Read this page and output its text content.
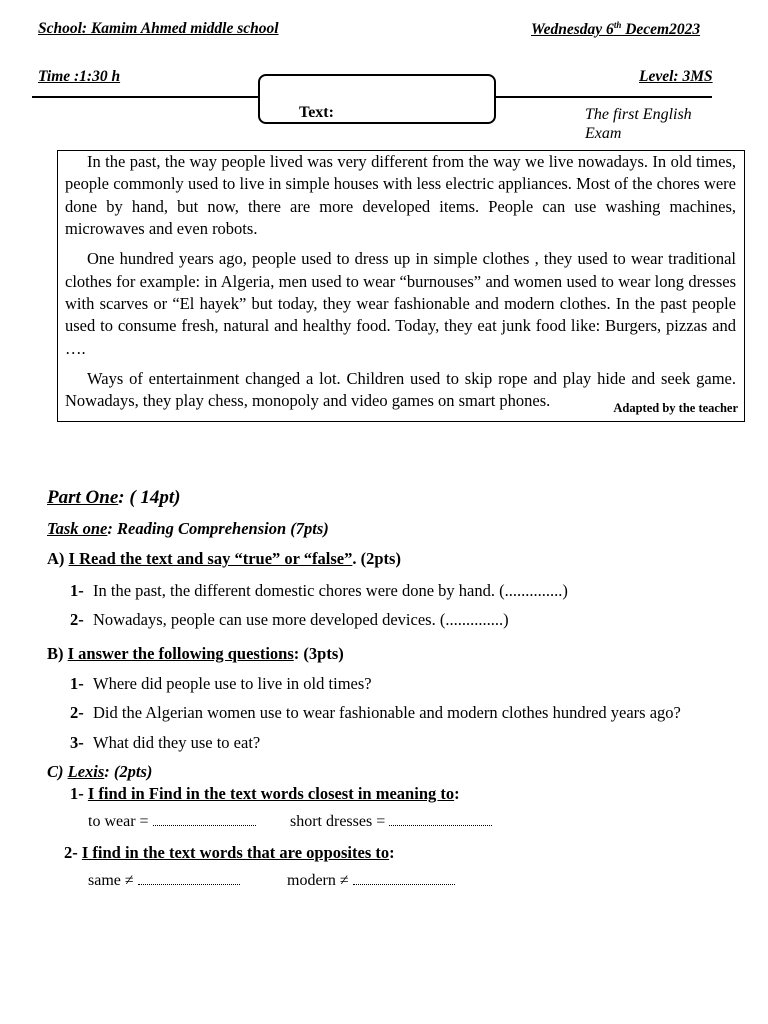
School: Kamim Ahmed middle school	Wednesday 6th Decem2023
Time :1:30 h	Level: 3MS
Text:	The first English Exam

In the past, the way people lived was very different from the way we live nowadays. In old times, people commonly used to live in simple houses with less electric appliances. Most of the chores were done by hand, but now, there are more developed items. People can use washing machines, microwaves and even robots.

One hundred years ago, people used to dress up in simple clothes , they used to wear traditional clothes for example: in Algeria, men used to wear “burnouses” and women used to wear long dresses with scarves or “El hayek” but today, they wear fashionable and modern clothes. In the past people used to consume fresh, natural and healthy food. Today, they eat junk food like: Burgers, pizzas and ….

Ways of entertainment changed a lot. Children used to skip rope and play hide and seek game. Nowadays, they play chess, monopoly and video games on smart phones.	Adapted by the teacher
Part One: ( 14pt)
Task one: Reading Comprehension (7pts)
A) I Read the text and say “true” or “false”. (2pts)
1- In the past, the different domestic chores were done by hand. (..............)
2- Nowadays, people can use more developed devices. (..............)
B) I answer the following questions: (3pts)
1- Where did people use to live in old times?
2- Did the Algerian women use to wear fashionable and modern clothes hundred years ago?
3- What did they use to eat?
C) Lexis: (2pts)
1- I find in Find in the text words closest in meaning to:
to wear =	short dresses =
2- I find in the text words that are opposites to:
same ≠	modern ≠
